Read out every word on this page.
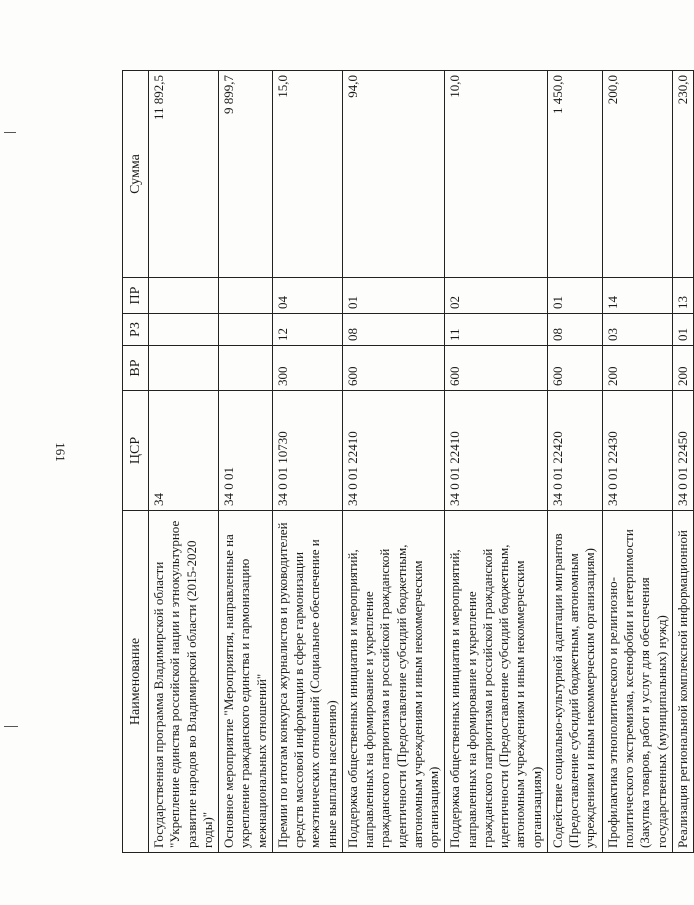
161
Наименование	ЦСР	ВР	РЗ	ПР	Сумма
Государственная программа Владимирской области "Укрепление единства российской нации и этнокультурное развитие народов во Владимирской области (2015-2020 годы)"	34				11 892,5
Основное мероприятие "Мероприятия, направленные на укрепление гражданского единства и гармонизацию межнациональных отношений"	34 0 01				9 899,7
Премии по итогам конкурса журналистов и руководителей средств массовой информации в сфере гармонизации межэтнических отношений (Социальное обеспечение и иные выплаты населению)	34 0 01 10730	300	12	04	15,0
Поддержка общественных инициатив и мероприятий, направленных на формирование и укрепление гражданского патриотизма и российской гражданской идентичности (Предоставление субсидий бюджетным, автономным учреждениям и иным некоммерческим организациям)	34 0 01 22410	600	08	01	94,0
Поддержка общественных инициатив и мероприятий, направленных на формирование и укрепление гражданского патриотизма и российской гражданской идентичности (Предоставление субсидий бюджетным, автономным учреждениям и иным некоммерческим организациям)	34 0 01 22410	600	11	02	10,0
Содействие социально-культурной адаптации мигрантов (Предоставление субсидий бюджетным, автономным учреждениям и иным некоммерческим организациям)	34 0 01 22420	600	08	01	1 450,0
Профилактика этнополитического и религиозно-политического экстремизма, ксенофобии и нетерпимости (Закупка товаров, работ и услуг для обеспечения государственных (муниципальных) нужд)	34 0 01 22430	200	03	14	200,0
Реализация региональной комплексной информационной	34 0 01 22450	200	01	13	230,0
